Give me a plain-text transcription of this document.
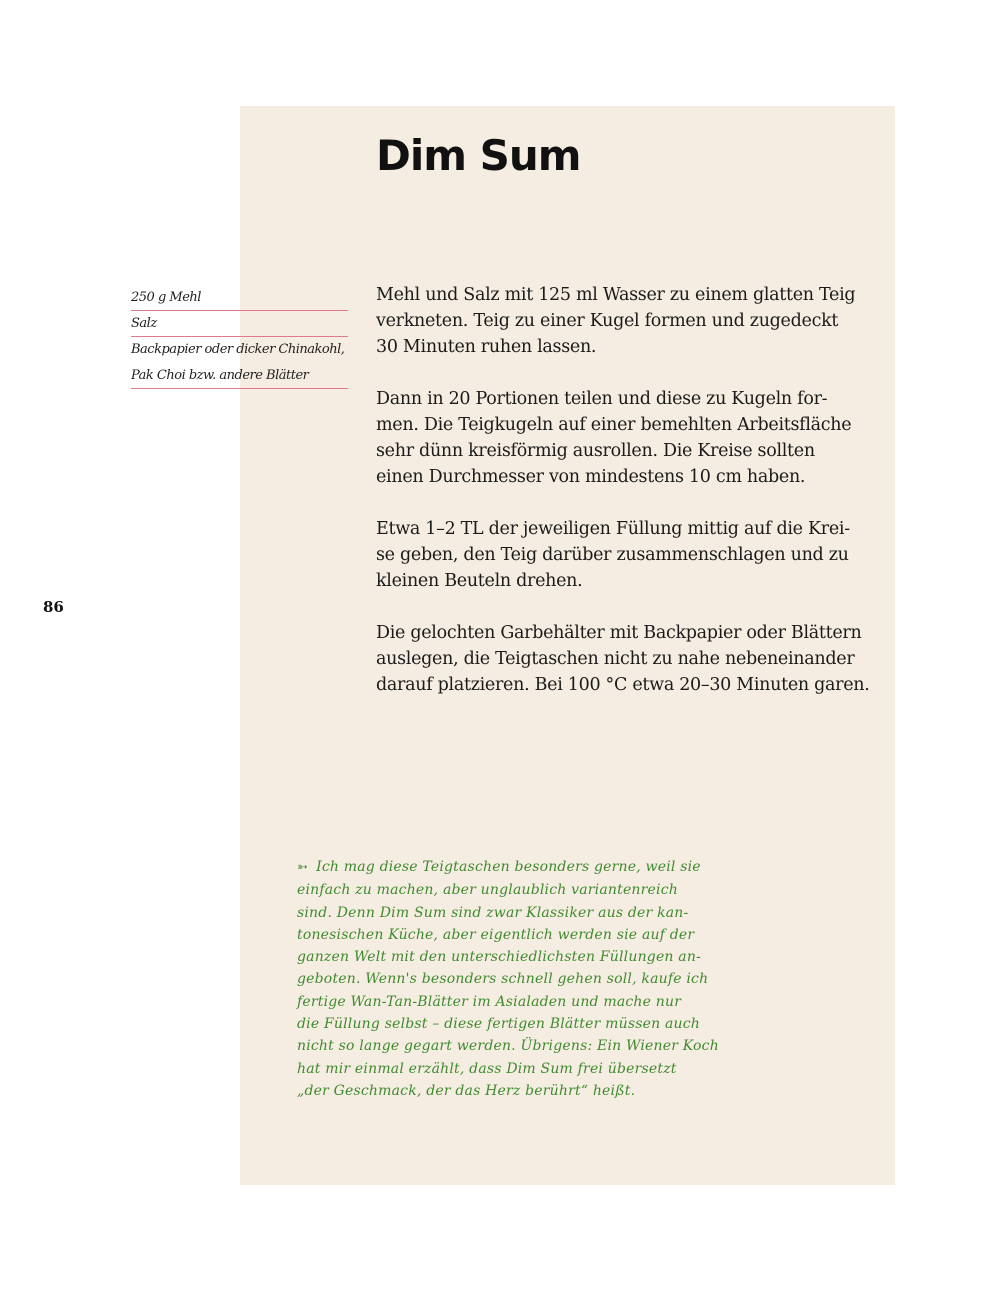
Dim Sum
250 g Mehl
Salz
Backpapier oder dicker Chinakohl,
Pak Choi bzw. andere Blätter
86

Mehl und Salz mit 125 ml Wasser zu einem glatten Teig
verkneten. Teig zu einer Kugel formen und zugedeckt
30 Minuten ruhen lassen.

Dann in 20 Portionen teilen und diese zu Kugeln for-
men. Die Teigkugeln auf einer bemehlten Arbeitsfläche
sehr dünn kreisförmig ausrollen. Die Kreise sollten
einen Durchmesser von mindestens 10 cm haben.

Etwa 1–2 TL der jeweiligen Füllung mittig auf die Krei-
se geben, den Teig darüber zusammenschlagen und zu
kleinen Beuteln drehen.

Die gelochten Garbehälter mit Backpapier oder Blättern
auslegen, die Teigtaschen nicht zu nahe nebeneinander
darauf platzieren. Bei 100 °C etwa 20–30 Minuten garen.

➳ Ich mag diese Teigtaschen besonders gerne, weil sie
einfach zu machen, aber unglaublich variantenreich
sind. Denn Dim Sum sind zwar Klassiker aus der kan-
tonesischen Küche, aber eigentlich werden sie auf der
ganzen Welt mit den unterschiedlichsten Füllungen an-
geboten. Wenn's besonders schnell gehen soll, kaufe ich
fertige Wan-Tan-Blätter im Asialaden und mache nur
die Füllung selbst – diese fertigen Blätter müssen auch
nicht so lange gegart werden. Übrigens: Ein Wiener Koch
hat mir einmal erzählt, dass Dim Sum frei übersetzt
„der Geschmack, der das Herz berührt“ heißt.
